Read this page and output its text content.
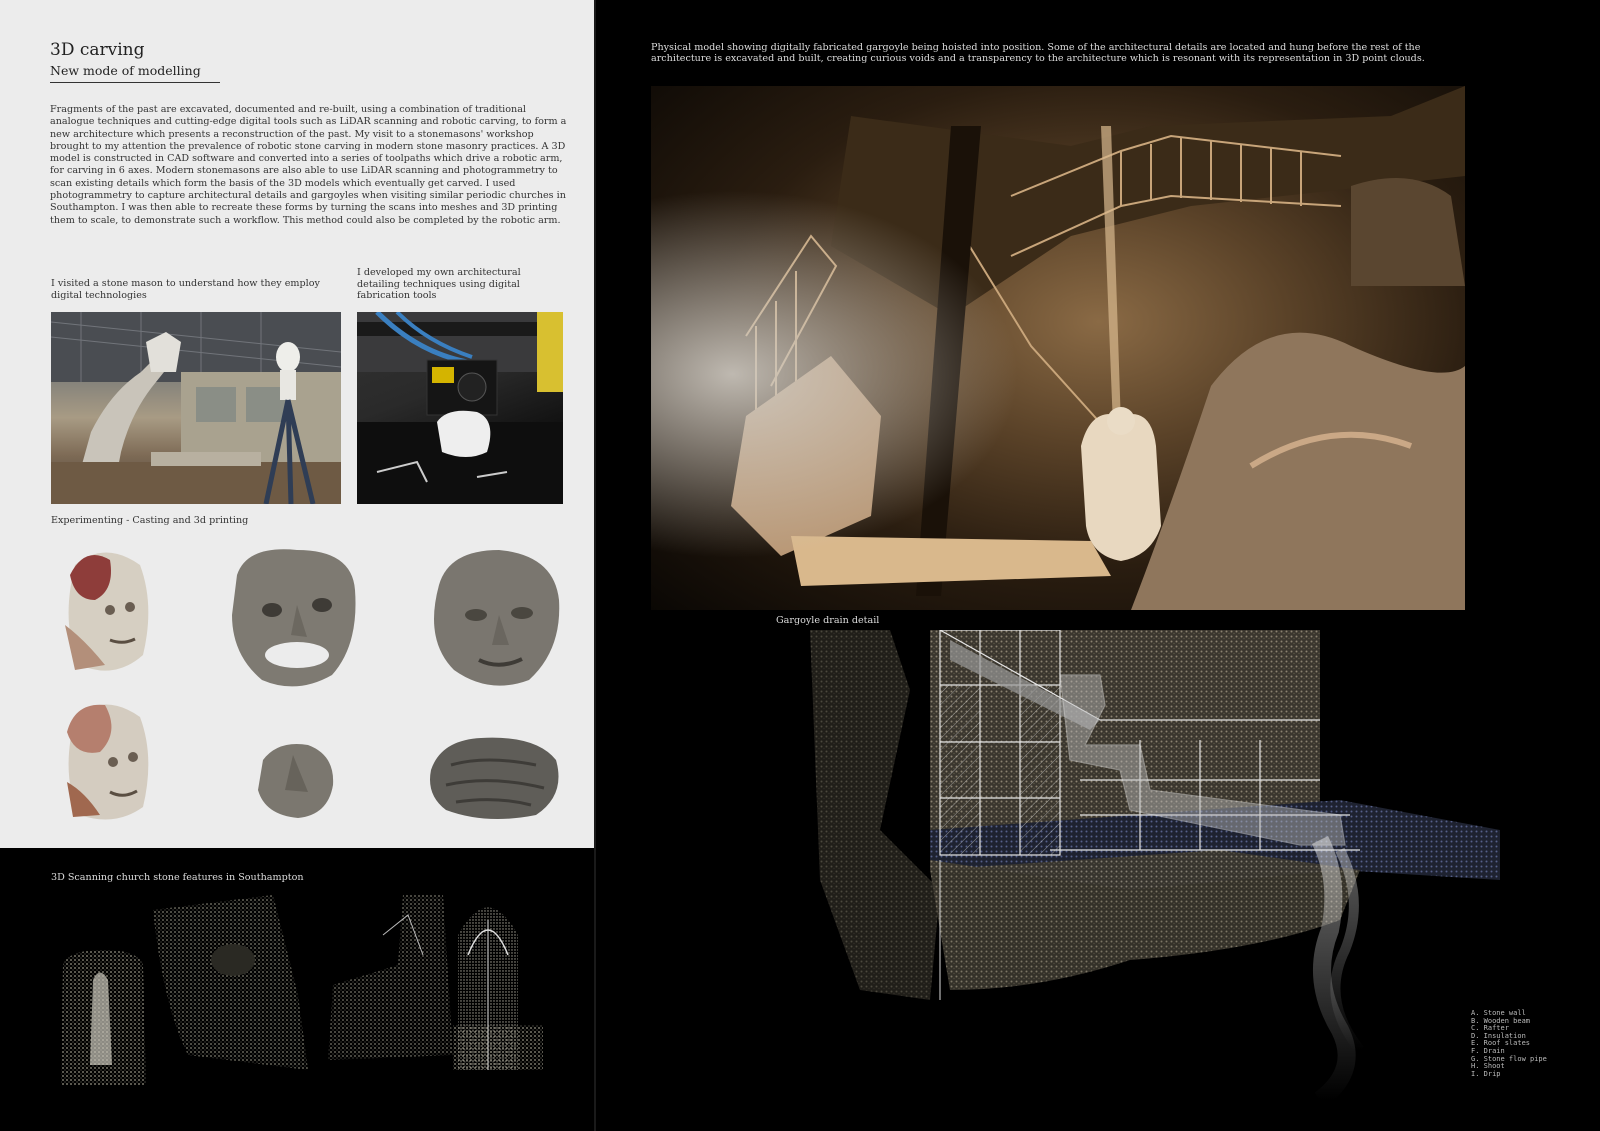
3D carving
New mode of modelling
Fragments of the past are excavated, documented and re-built, using a combination of traditional analogue techniques and cutting-edge digital tools such as LiDAR scanning and robotic carving, to form a new architecture which presents a reconstruction of the past. My visit to a stonemasons' workshop brought to my attention the prevalence of robotic stone carving in modern stone masonry practices. A 3D model is constructed in CAD software and converted into a series of toolpaths which drive a robotic arm, for carving in 6 axes. Modern stonemasons are also able to use LiDAR scanning and photogrammetry to scan existing details which form the basis of the 3D models which eventually get carved. I used photogrammetry to capture architectural details and gargoyles when visiting similar periodic churches in Southampton. I was then able to recreate these forms by turning the scans into meshes and 3D printing them to scale, to demonstrate such a workflow. This method could also be completed by the robotic arm.
I visited a stone mason to understand how they employ digital technologies
I developed my own architectural detailing techniques using digital fabrication tools
Experimenting - Casting and 3d printing
3D Scanning church stone features in Southampton
Physical model showing digitally fabricated gargoyle being hoisted into position. Some of the architectural details are located and hung before the rest of the architecture is excavated and built, creating curious voids and a transparency to the architecture which is resonant with its representation in 3D point clouds.
Gargoyle drain detail
A. Stone wall
B. Wooden beam
C. Rafter
D. Insulation
E. Roof slates
F. Drain
G. Stone flow pipe
H. Shoot
I. Drip
